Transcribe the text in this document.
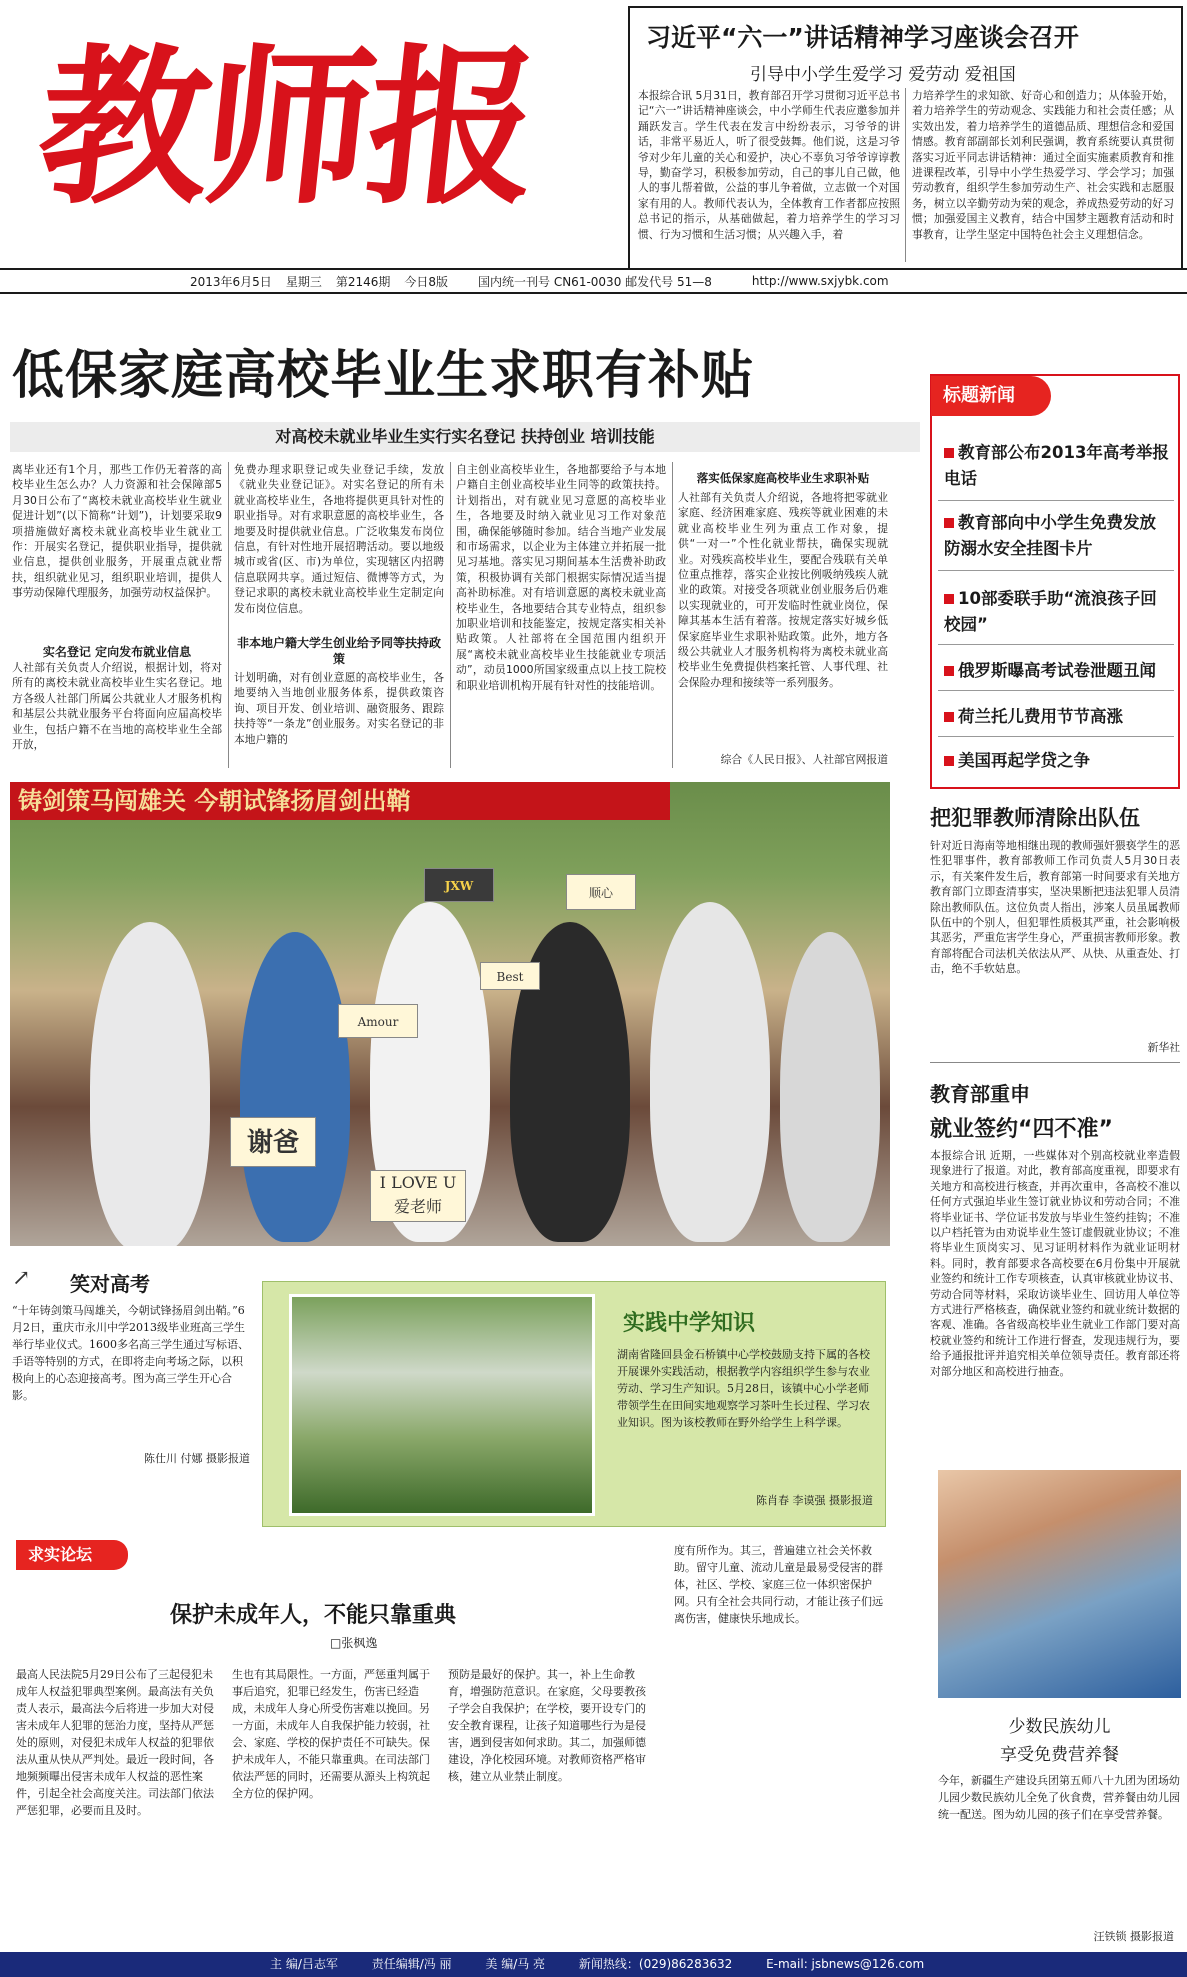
教师报	习近平“六一”讲话精神学习座谈会召开
引导中小学生爱学习 爱劳动 爱祖国
本报综合讯 5月31日，教育部召开学习贯彻习近平总书记“六一”讲话精神座谈会，中小学师生代表应邀参加并踊跃发言。学生代表在发言中纷纷表示，习爷爷的讲话，非常平易近人，听了很受鼓舞。他们说，这是习爷爷对少年儿童的关心和爱护，决心不辜负习爷爷谆谆教导，勤奋学习，积极参加劳动，自己的事儿自己做，他人的事儿帮着做，公益的事儿争着做，立志做一个对国家有用的人。教师代表认为，全体教育工作者都应按照总书记的指示，从基础做起，着力培养学生的学习习惯、行为习惯和生活习惯；从兴趣入手，着
力培养学生的求知欲、好奇心和创造力；从体验开始，着力培养学生的劳动观念、实践能力和社会责任感；从实效出发，着力培养学生的道德品质、理想信念和爱国情感。教育部副部长刘利民强调，教育系统要认真贯彻落实习近平同志讲话精神：通过全面实施素质教育和推进课程改革，引导中小学生热爱学习、学会学习；加强劳动教育，组织学生参加劳动生产、社会实践和志愿服务，树立以辛勤劳动为荣的观念，养成热爱劳动的好习惯；加强爱国主义教育，结合中国梦主题教育活动和时事教育，让学生坚定中国特色社会主义理想信念。
2013年6月5日 星期三 第2146期 今日8版	国内统一刊号 CN61-0030 邮发代号 51—8	http://www.sxjybk.com
低保家庭高校毕业生求职有补贴
对高校未就业毕业生实行实名登记 扶持创业 培训技能
离毕业还有1个月，那些工作仍无着落的高校毕业生怎么办？人力资源和社会保障部5月30日公布了“离校未就业高校毕业生就业促进计划”(以下简称“计划”)，计划要采取9项措施做好离校未就业高校毕业生就业工作：开展实名登记，提供职业指导，提供就业信息，提供创业服务，开展重点就业帮扶，组织就业见习，组织职业培训，提供人事劳动保障代理服务，加强劳动权益保护。
实名登记 定向发布就业信息
人社部有关负责人介绍说，根据计划，将对所有的离校未就业高校毕业生实名登记。地方各级人社部门所属公共就业人才服务机构和基层公共就业服务平台将面向应届高校毕业生，包括户籍不在当地的高校毕业生全部开放，
免费办理求职登记或失业登记手续，发放《就业失业登记证》。对实名登记的所有未就业高校毕业生，各地将提供更具针对性的职业指导。对有求职意愿的高校毕业生，各地要及时提供就业信息。广泛收集发布岗位信息，有针对性地开展招聘活动。要以地级城市或省(区、市)为单位，实现辖区内招聘信息联网共享。通过短信、微博等方式，为登记求职的离校未就业高校毕业生定制定向发布岗位信息。
非本地户籍大学生创业给予同等扶持政策
计划明确，对有创业意愿的高校毕业生，各地要纳入当地创业服务体系，提供政策咨询、项目开发、创业培训、融资服务、跟踪扶持等“一条龙”创业服务。对实名登记的非本地户籍的
自主创业高校毕业生，各地都要给予与本地户籍自主创业高校毕业生同等的政策扶持。计划指出，对有就业见习意愿的高校毕业生，各地要及时纳入就业见习工作对象范围，确保能够随时参加。结合当地产业发展和市场需求，以企业为主体建立并拓展一批见习基地。落实见习期间基本生活费补助政策，积极协调有关部门根据实际情况适当提高补助标准。对有培训意愿的离校未就业高校毕业生，各地要结合其专业特点，组织参加职业培训和技能鉴定，按规定落实相关补贴政策。人社部将在全国范围内组织开展“离校未就业高校毕业生技能就业专项活动”，动员1000所国家级重点以上技工院校和职业培训机构开展有针对性的技能培训。
落实低保家庭高校毕业生求职补贴
人社部有关负责人介绍说，各地将把零就业家庭、经济困难家庭、残疾等就业困难的未就业高校毕业生列为重点工作对象，提供“一对一”个性化就业帮扶，确保实现就业。对残疾高校毕业生，要配合残联有关单位重点推荐，落实企业按比例吸纳残疾人就业的政策。对接受各项就业创业服务后仍难以实现就业的，可开发临时性就业岗位，保障其基本生活有着落。按规定落实好城乡低保家庭毕业生求职补贴政策。此外，地方各级公共就业人才服务机构将为离校未就业高校毕业生免费提供档案托管、人事代理、社会保险办理和接续等一系列服务。
综合《人民日报》、人社部官网报道
教育部公布2013年高考举报电话
教育部向中小学生免费发放防溺水安全挂图卡片
10部委联手助“流浪孩子回校园”
俄罗斯曝高考试卷泄题丑闻
荷兰托儿费用节节高涨
美国再起学贷之争
标题新闻
把犯罪教师清除出队伍
针对近日海南等地相继出现的教师强奸猥亵学生的恶性犯罪事件，教育部教师工作司负责人5月30日表示，有关案件发生后，教育部第一时间要求有关地方教育部门立即查清事实，坚决果断把违法犯罪人员清除出教师队伍。这位负责人指出，涉案人员虽属教师队伍中的个别人，但犯罪性质极其严重，社会影响极其恶劣，严重危害学生身心，严重损害教师形象。教育部将配合司法机关依法从严、从快、从重查处、打击，绝不手软姑息。
新华社
教育部重申
就业签约“四不准”
本报综合讯 近期，一些媒体对个别高校就业率造假现象进行了报道。对此，教育部高度重视，即要求有关地方和高校进行核查，并再次重申，各高校不准以任何方式强迫毕业生签订就业协议和劳动合同；不准将毕业证书、学位证书发放与毕业生签约挂钩；不准以户档托管为由劝说毕业生签订虚假就业协议；不准将毕业生顶岗实习、见习证明材料作为就业证明材料。同时，教育部要求各高校要在6月份集中开展就业签约和统计工作专项核查，认真审核就业协议书、劳动合同等材料，采取访谈毕业生、回访用人单位等方式进行严格核查，确保就业签约和就业统计数据的客观、准确。各省级高校毕业生就业工作部门要对高校就业签约和统计工作进行督查，发现违规行为，要给予通报批评并追究相关单位领导责任。教育部还将对部分地区和高校进行抽查。
谢爸
Amour
I LOVE U 爱老师
顺心
JXW
Best
铸剑策马闯雄关 今朝试锋扬眉剑出鞘
↗ 笑对高考
“十年铸剑策马闯雄关，今朝试锋扬眉剑出鞘。”6月2日，重庆市永川中学2013级毕业班高三学生举行毕业仪式。1600多名高三学生通过写标语、手语等特别的方式，在即将走向考场之际，以积极向上的心态迎接高考。图为高三学生开心合影。
陈仕川 付娜 摄影报道
实践中学知识
湖南省隆回县金石桥镇中心学校鼓励支持下属的各校开展课外实践活动，根据教学内容组织学生参与农业劳动、学习生产知识。5月28日，该镇中心小学老师带领学生在田间实地观察学习茶叶生长过程、学习农业知识。图为该校教师在野外给学生上科学课。
陈肖春 李谟强 摄影报道
求实论坛
保护未成年人，不能只靠重典
□张枫逸
最高人民法院5月29日公布了三起侵犯未成年人权益犯罪典型案例。最高法有关负责人表示，最高法今后将进一步加大对侵害未成年人犯罪的惩治力度，坚持从严惩处的原则，对侵犯未成年人权益的犯罪依法从重从快从严判处。最近一段时间，各地频频曝出侵害未成年人权益的恶性案件，引起全社会高度关注。司法部门依法严惩犯罪，必要而且及时。
生也有其局限性。一方面，严惩重判属于事后追究，犯罪已经发生，伤害已经造成，未成年人身心所受伤害难以挽回。另一方面，未成年人自我保护能力较弱，社会、家庭、学校的保护责任不可缺失。保护未成年人，不能只靠重典。在司法部门依法严惩的同时，还需要从源头上构筑起全方位的保护网。
预防是最好的保护。其一，补上生命教育，增强防范意识。在家庭，父母要教孩子学会自我保护；在学校，要开设专门的安全教育课程，让孩子知道哪些行为是侵害，遇到侵害如何求助。其二，加强师德建设，净化校园环境。对教师资格严格审核，建立从业禁止制度。
度有所作为。其三，普遍建立社会关怀救助。留守儿童、流动儿童是最易受侵害的群体，社区、学校、家庭三位一体织密保护网。只有全社会共同行动，才能让孩子们远离伤害，健康快乐地成长。
少数民族幼儿
享受免费营养餐
今年，新疆生产建设兵团第五师八十九团为团场幼儿园少数民族幼儿全免了伙食费，营养餐由幼儿园统一配送。图为幼儿园的孩子们在享受营养餐。
汪铁锁 摄影报道
主 编/吕志军	责任编辑/冯 丽	美 编/马 亮	新闻热线：(029)86283632	E-mail: jsbnews@126.com
